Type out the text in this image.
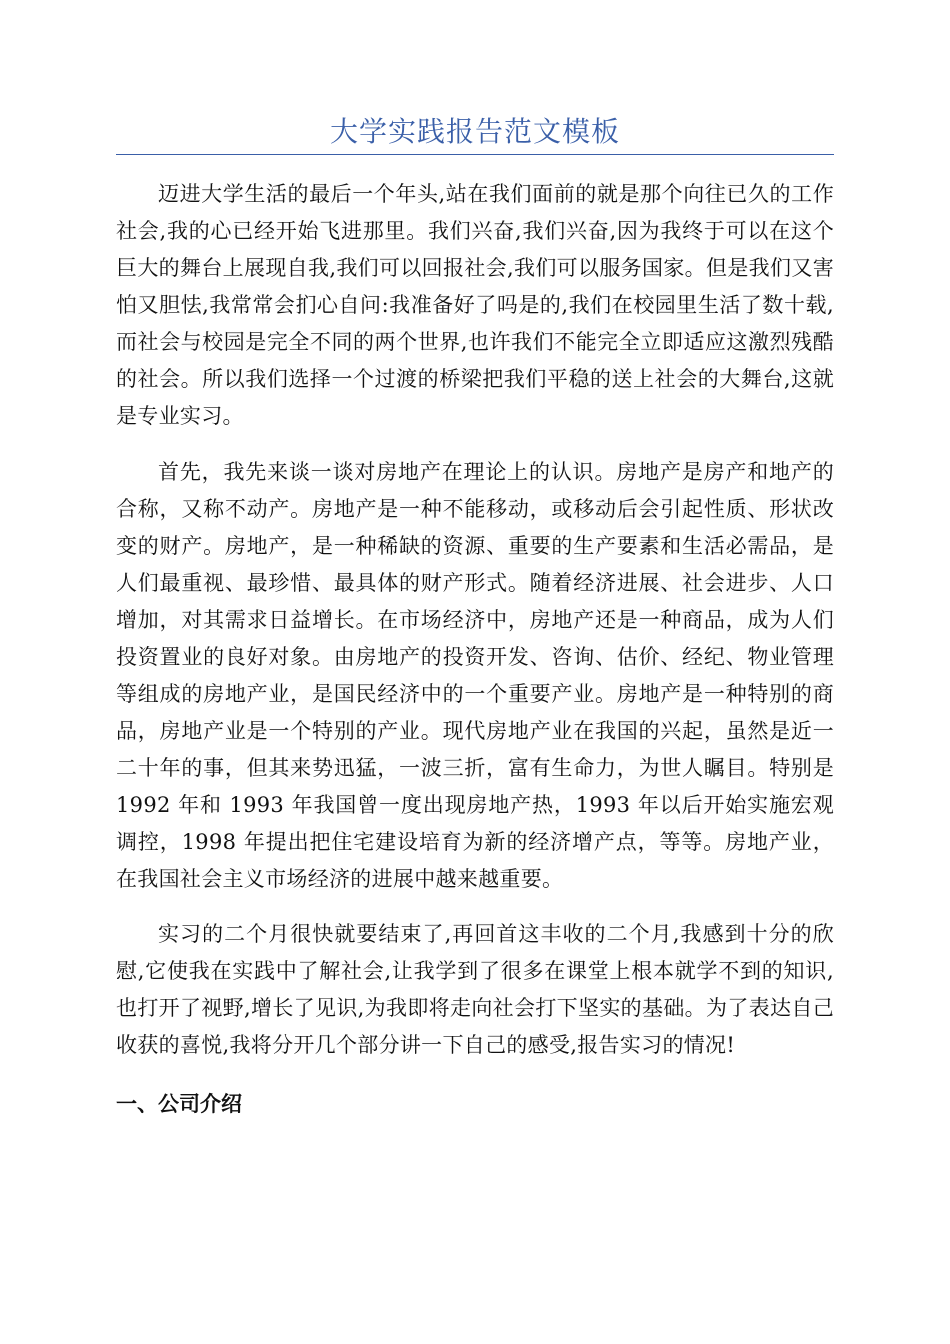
大学实践报告范文模板

迈进大学生活的最后一个年头,站在我们面前的就是那个向往已久的工作社会,我的心已经开始飞进那里。我们兴奋,我们兴奋,因为我终于可以在这个巨大的舞台上展现自我,我们可以回报社会,我们可以服务国家。但是我们又害怕又胆怯,我常常会扪心自问:我准备好了吗是的,我们在校园里生活了数十载,而社会与校园是完全不同的两个世界,也许我们不能完全立即适应这激烈残酷的社会。所以我们选择一个过渡的桥梁把我们平稳的送上社会的大舞台,这就是专业实习。

首先，我先来谈一谈对房地产在理论上的认识。房地产是房产和地产的合称，又称不动产。房地产是一种不能移动，或移动后会引起性质、形状改变的财产。房地产，是一种稀缺的资源、重要的生产要素和生活必需品，是人们最重视、最珍惜、最具体的财产形式。随着经济进展、社会进步、人口增加，对其需求日益增长。在市场经济中，房地产还是一种商品，成为人们投资置业的良好对象。由房地产的投资开发、咨询、估价、经纪、物业管理等组成的房地产业，是国民经济中的一个重要产业。房地产是一种特别的商品，房地产业是一个特别的产业。现代房地产业在我国的兴起，虽然是近一二十年的事，但其来势迅猛，一波三折，富有生命力，为世人瞩目。特别是 1992 年和 1993 年我国曾一度出现房地产热，1993 年以后开始实施宏观调控，1998 年提出把住宅建设培育为新的经济增产点，等等。房地产业，在我国社会主义市场经济的进展中越来越重要。

实习的二个月很快就要结束了,再回首这丰收的二个月,我感到十分的欣慰,它使我在实践中了解社会,让我学到了很多在课堂上根本就学不到的知识,也打开了视野,增长了见识,为我即将走向社会打下坚实的基础。为了表达自己收获的喜悦,我将分开几个部分讲一下自己的感受,报告实习的情况!

一、公司介绍
